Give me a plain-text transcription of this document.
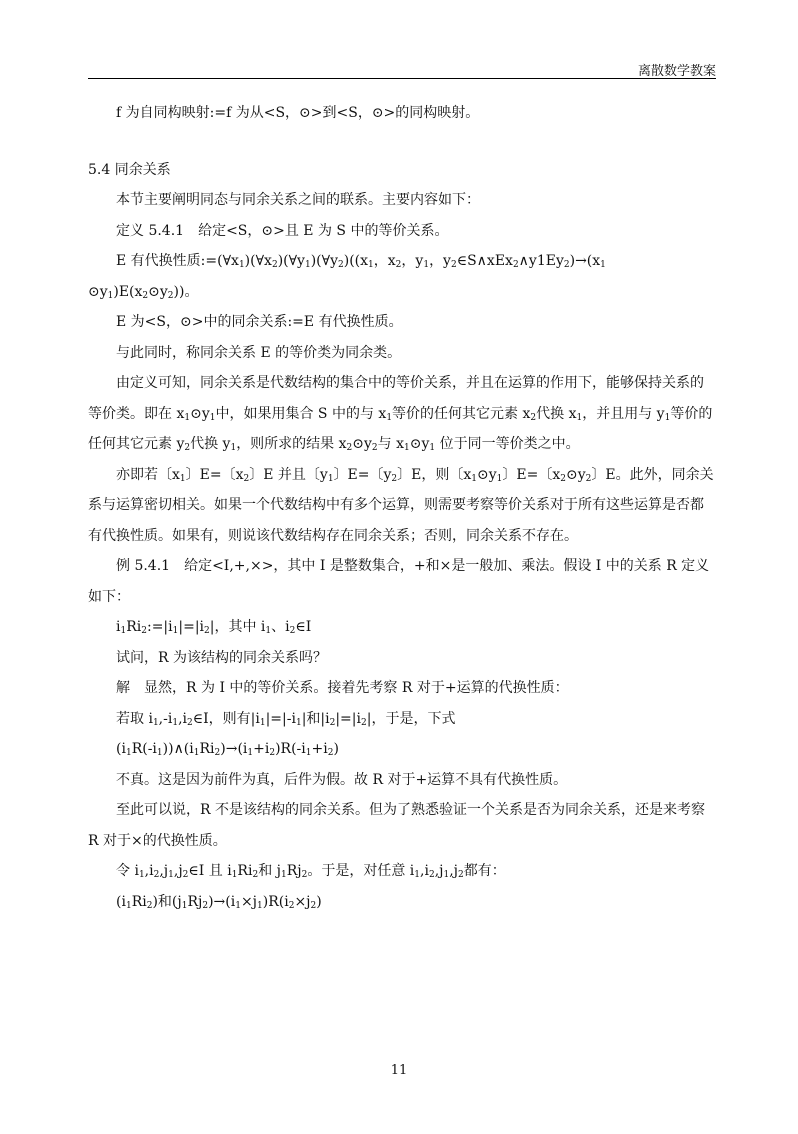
离散数学教案
f 为自同构映射:=f 为从<S，⊙>到<S，⊙>的同构映射。
5.4 同余关系
本节主要阐明同态与同余关系之间的联系。主要内容如下：
定义 5.4.1　给定<S，⊙>且 E 为 S 中的等价关系。
E 有代换性质$:=(\forall x_1)(\forall x_2)(\forall y_1)(\forall y_2)((x_1$，$x_2$，$y_1$，$y_2\in S\wedge xEx_2\wedge y1Ey_2)\to(x_1$ $⊙y_1)E(x_2⊙y_2)$)。
E 为<S，⊙>中的同余关系:=E 有代换性质。
与此同时，称同余关系 E 的等价类为同余类。
由定义可知，同余关系是代数结构的集合中的等价关系，并且在运算的作用下，能够保持关系的等价类。即在 $x_1⊙y_1$中，如果用集合 S 中的与 $x_1$等价的任何其它元素 $x_2$代换 $x_1$，并且用与 $y_1$等价的任何其它元素 $y_2$代换 $y_1$，则所求的结果 $x_2⊙y_2$与 $x_1⊙y_1$ 位于同一等价类之中。
亦即若〔$x_1$〕E=〔$x_2$〕E 并且〔$y_1$〕E=〔$y_2$〕E，则〔$x_1⊙y_1$〕E=〔$x_2⊙y_2$〕E。此外，同余关系与运算密切相关。如果一个代数结构中有多个运算，则需要考察等价关系对于所有这些运算是否都有代换性质。如果有，则说该代数结构存在同余关系；否则，同余关系不存在。
例 5.4.1　给定<I,+,×>，其中 I 是整数集合，+和×是一般加、乘法。假设 I 中的关系 R 定义如下：
$i_1Ri_2:=|i_1|=|i_2|$，其中 $i_1$、$i_2\in I$
试问，R 为该结构的同余关系吗？
解　显然，R 为 I 中的等价关系。接着先考察 R 对于+运算的代换性质：
若取 $i_1,-i_1,i_2\in I$，则有$|i_1|=|-i_1|$和$|i_2|=|i_2|$，于是，下式
$(i_1R(-i_1))\wedge(i_1Ri_2)\to(i_1+i_2)R(-i_1+i_2)$
不真。这是因为前件为真，后件为假。故 R 对于+运算不具有代换性质。
至此可以说，R 不是该结构的同余关系。但为了熟悉验证一个关系是否为同余关系，还是来考察 R 对于×的代换性质。
令 $i_1,i_2,j_1,j_2\in I$ 且 $i_1Ri_2$和 $j_1Rj_2$。于是，对任意 $i_1,i_2,j_1,j_2$都有：
$(i_1Ri_2)$和$(j_1Rj_2)\to(i_1\times j_1)R(i_2\times j_2)$
11
